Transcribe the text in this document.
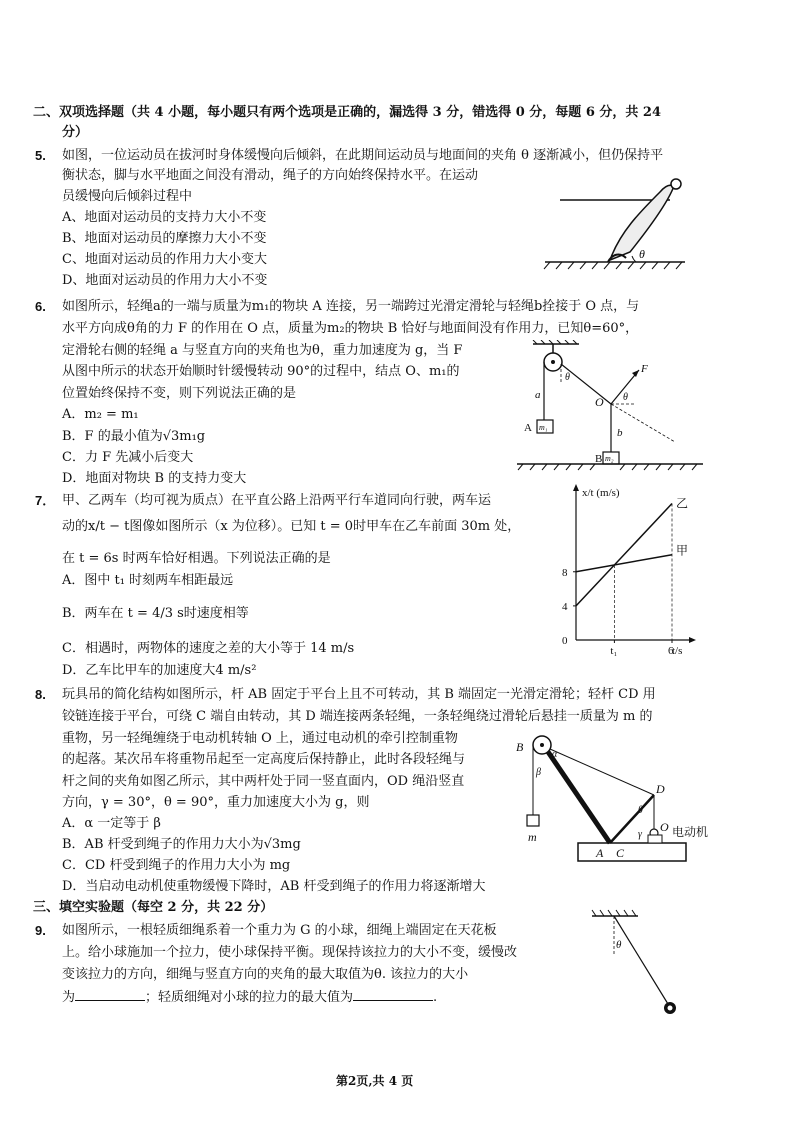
二、双项选择题（共 4 小题，每小题只有两个选项是正确的，漏选得 3 分，错选得 0 分，每题 6 分，共 24
分）
5. 如图，一位运动员在拔河时身体缓慢向后倾斜，在此期间运动员与地面间的夹角 θ 逐渐减小，但仍保持平
衡状态，脚与水平地面之间没有滑动，绳子的方向始终保持水平。在运动
员缓慢向后倾斜过程中
A、地面对运动员的支持力大小不变
B、地面对运动员的摩擦力大小不变
C、地面对运动员的作用力大小变大
D、地面对运动员的作用力大小不变
θ
6. 如图所示，轻绳a的一端与质量为m₁的物块 A 连接，另一端跨过光滑定滑轮与轻绳b拴接于 O 点，与
水平方向成θ角的力 F 的作用在 O 点，质量为m₂的物块 B 恰好与地面间没有作用力，已知θ=60°，
定滑轮右侧的轻绳 a 与竖直方向的夹角也为θ，重力加速度为 g，当 F
从图中所示的状态开始顺时针缓慢转动 90°的过程中，结点 O、m₁的
位置始终保持不变，则下列说法正确的是
A．m₂ = m₁
B．F 的最小值为√3m₁g
C．力 F 先减小后变大
D．地面对物块 B 的支持力变大
a
A m₁
θ
b
F
θ
O
B m₂
7． 甲、乙两车（均可视为质点）在平直公路上沿两平行车道同向行驶，两车运
动的x/t − t图像如图所示（x 为位移）。已知 t = 0时甲车在乙车前面 30m 处，
在 t = 6s 时两车恰好相遇。下列说法正确的是
A．图中 t₁ 时刻两车相距最远
B．两车在 t = 4/3 s时速度相等
C．相遇时，两物体的速度之差的大小等于 14 m/s
D．乙车比甲车的加速度大4 m/s²
x/t (m/s)
t/s
0
4
8
t₁	6
乙
甲
8. 玩具吊的简化结构如图所示，杆 AB 固定于平台上且不可转动，其 B 端固定一光滑定滑轮；轻杆 CD 用
铰链连接于平台，可绕 C 端自由转动，其 D 端连接两条轻绳，一条轻绳绕过滑轮后悬挂一质量为 m 的
重物，另一轻绳缠绕于电动机转轴 O 上，通过电动机的牵引控制重物
的起落。某次吊车将重物吊起至一定高度后保持静止，此时各段轻绳与
杆之间的夹角如图乙所示，其中两杆处于同一竖直面内，OD 绳沿竖直
方向，γ = 30°，θ = 90°，重力加速度大小为 g，则
A．α 一定等于 β
B．AB 杆受到绳子的作用力大小为√3mg
C．CD 杆受到绳子的作用力大小为 mg
D．当启动电动机使重物缓慢下降时，AB 杆受到绳子的作用力将逐渐增大
m
B
α
β
D
θ
γ
O 电动机
A C
三、填空实验题（每空 2 分，共 22 分）
9. 如图所示，一根轻质细绳系着一个重力为 G 的小球，细绳上端固定在天花板
上。给小球施加一个拉力，使小球保持平衡。现保持该拉力的大小不变，缓慢改
变该拉力的方向，细绳与竖直方向的夹角的最大取值为θ. 该拉力的大小
为	；轻质细绳对小球的拉力的最大值为	.
θ
第2页,共 4 页
